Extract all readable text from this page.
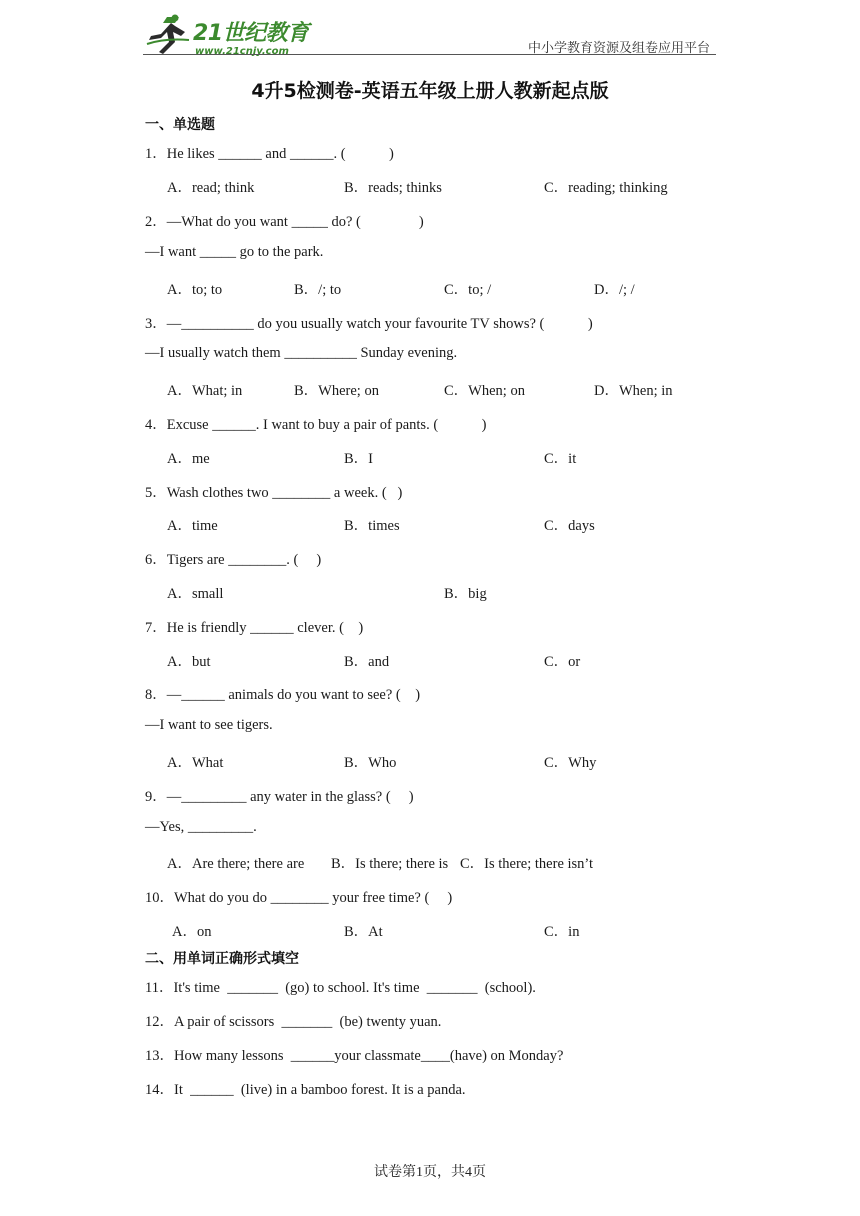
21世纪教育
www.21cnjy.com	中小学教育资源及组卷应用平台
4升5检测卷-英语五年级上册人教新起点版
一、单选题
1．He likes ______ and ______. (　　　)
A．read; think	B．reads; thinks	C．reading; thinking
2．—What do you want _____ do? (　　　　)
—I want _____ go to the park.
A．to; to	B．/; to	C．to; /	D．/; /
3．—__________ do you usually watch your favourite TV shows? (　　　)
—I usually watch them __________ Sunday evening.
A．What; in	B．Where; on	C．When; on	D．When; in
4．Excuse ______. I want to buy a pair of pants. (　　　)
A．me	B．I	C．it
5．Wash clothes two ________ a week. (   )
A．time	B．times	C．days
6．Tigers are ________. (     )
A．small	B．big
7．He is friendly ______ clever. (    )
A．but	B．and	C．or
8．—______ animals do you want to see? (    )
—I want to see tigers.
A．What	B．Who	C．Why
9．—_________ any water in the glass? (     )
—Yes, _________.
A．Are there; there are B．Is there; there is C．Is there; there isn’t
10．What do you do ________ your free time? (     )
A．on	B．At	C．in
二、用单词正确形式填空
11．It's time  _______  (go) to school. It's time  _______  (school).
12．A pair of scissors  _______  (be) twenty yuan.
13．How many lessons  ______your classmate____(have) on Monday?
14．It  ______  (live) in a bamboo forest. It is a panda.
试卷第1页，共4页
